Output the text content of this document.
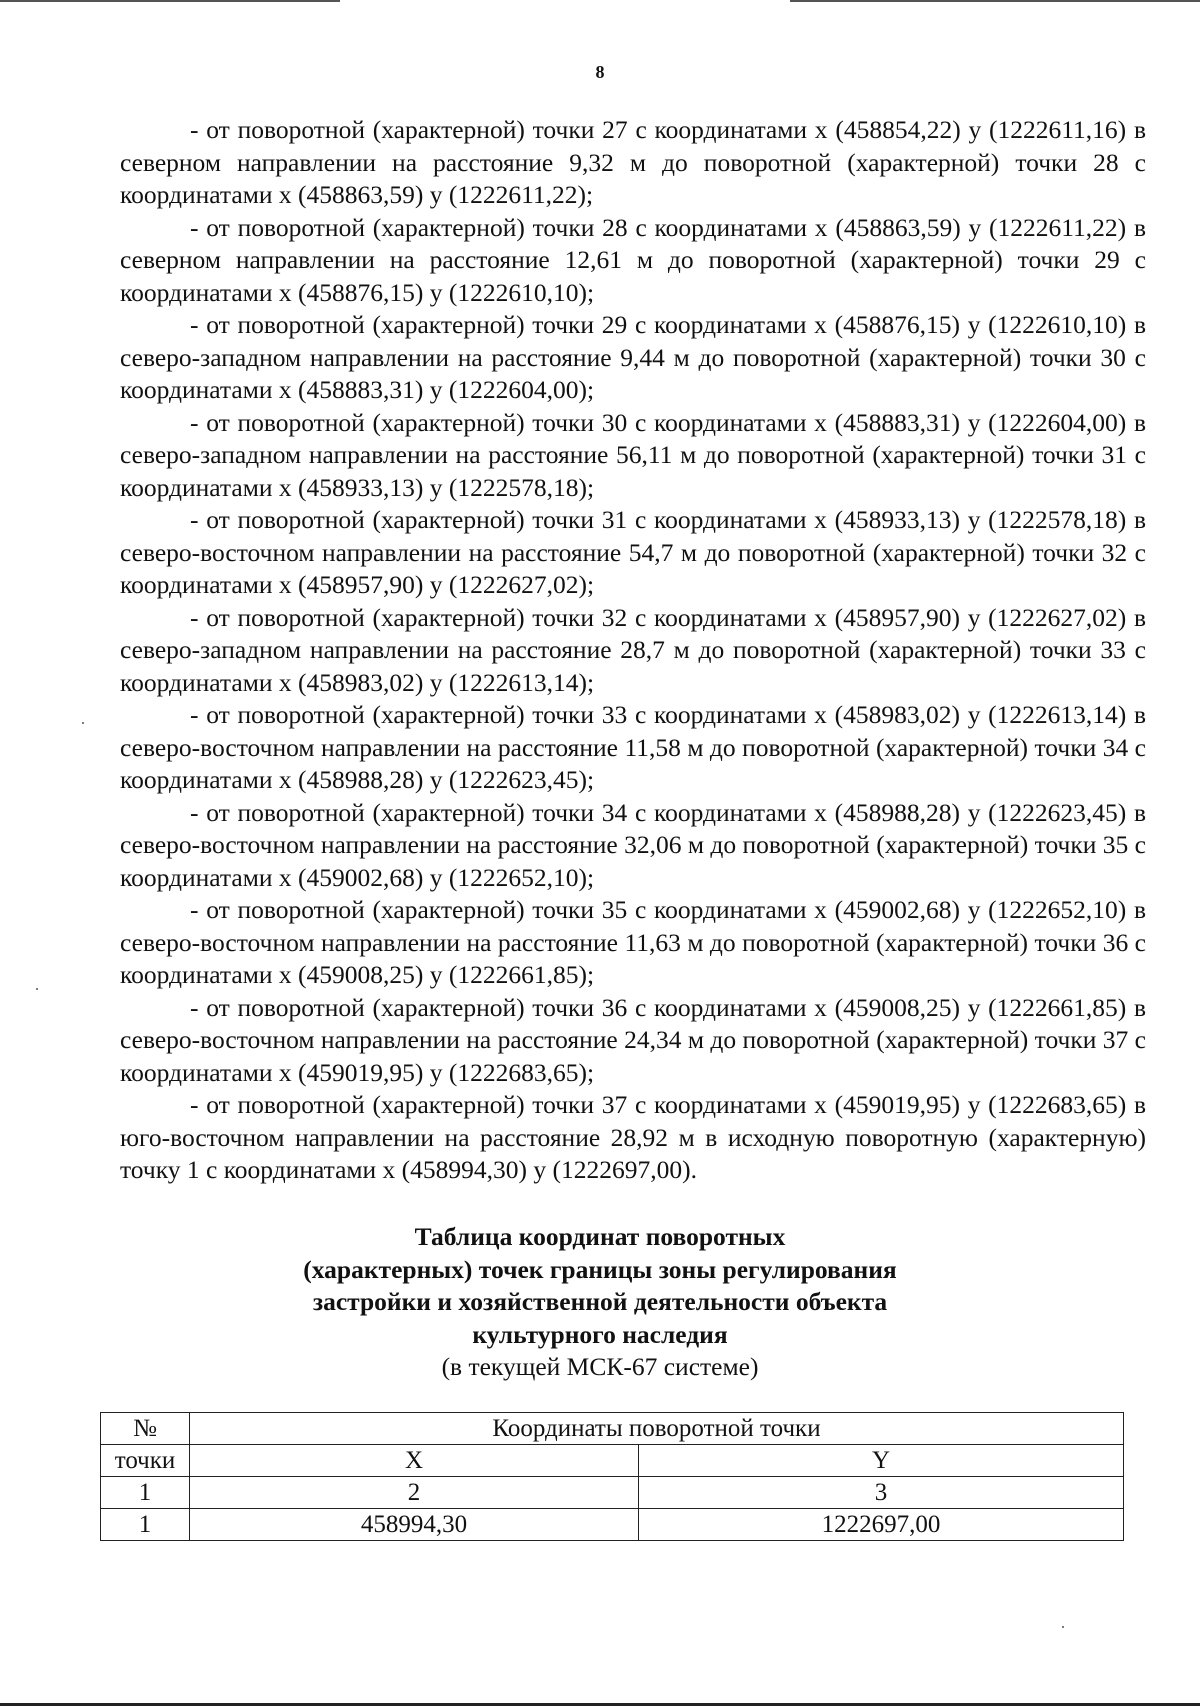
8

- от поворотной (характерной) точки 27 с координатами х (458854,22) у (1222611,16) в северном направлении на расстояние 9,32 м до поворотной (характерной) точки 28 с координатами х (458863,59) у (1222611,22);

- от поворотной (характерной) точки 28 с координатами х (458863,59) у (1222611,22) в северном направлении на расстояние 12,61 м до поворотной (характерной) точки 29 с координатами х (458876,15) у (1222610,10);

- от поворотной (характерной) точки 29 с координатами х (458876,15) у (1222610,10) в северо-западном направлении на расстояние 9,44 м до поворотной (характерной) точки 30 с координатами х (458883,31) у (1222604,00);

- от поворотной (характерной) точки 30 с координатами х (458883,31) у (1222604,00) в северо-западном направлении на расстояние 56,11 м до поворотной (характерной) точки 31 с координатами х (458933,13) у (1222578,18);

- от поворотной (характерной) точки 31 с координатами х (458933,13) у (1222578,18) в северо-восточном направлении на расстояние 54,7 м до поворотной (характерной) точки 32 с координатами х (458957,90) у (1222627,02);

- от поворотной (характерной) точки 32 с координатами х (458957,90) у (1222627,02) в северо-западном направлении на расстояние 28,7 м до поворотной (характерной) точки 33 с координатами х (458983,02) у (1222613,14);

- от поворотной (характерной) точки 33 с координатами х (458983,02) у (1222613,14) в северо-восточном направлении на расстояние 11,58 м до поворотной (характерной) точки 34 с координатами х (458988,28) у (1222623,45);

- от поворотной (характерной) точки 34 с координатами х (458988,28) у (1222623,45) в северо-восточном направлении на расстояние 32,06 м до поворотной (характерной) точки 35 с координатами х (459002,68) у (1222652,10);

- от поворотной (характерной) точки 35 с координатами х (459002,68) у (1222652,10) в северо-восточном направлении на расстояние 11,63 м до поворотной (характерной) точки 36 с координатами х (459008,25) у (1222661,85);

- от поворотной (характерной) точки 36 с координатами х (459008,25) у (1222661,85) в северо-восточном направлении на расстояние 24,34 м до поворотной (характерной) точки 37 с координатами х (459019,95) у (1222683,65);

- от поворотной (характерной) точки 37 с координатами х (459019,95) у (1222683,65) в юго-восточном направлении на расстояние 28,92 м в исходную поворотную (характерную) точку 1 с координатами х (458994,30) у (1222697,00).

Таблица координат поворотных
(характерных) точек границы зоны регулирования
застройки и хозяйственной деятельности объекта
культурного наследия
(в текущей МСК-67 системе)
№	Координаты поворотной точки	
точки	X	Y
1	2	3
1	458994,30	1222697,00
